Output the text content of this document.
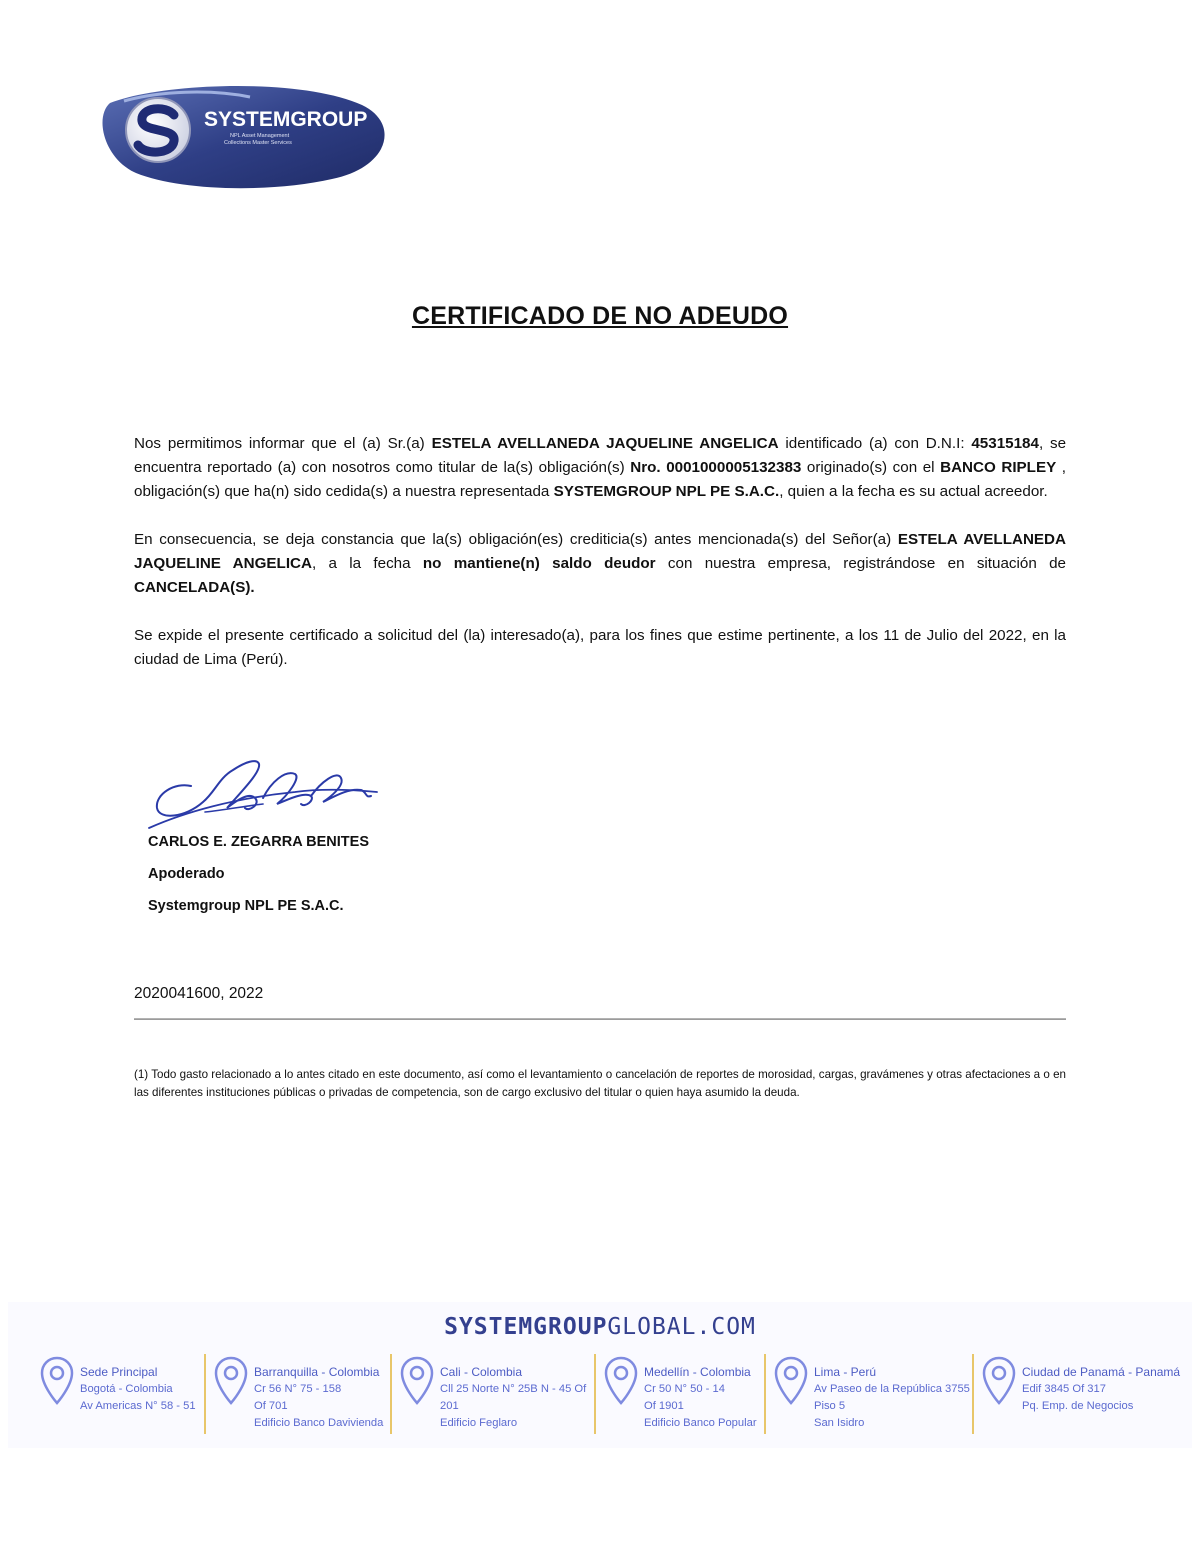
SYSTEMGROUP
NPL Asset Management
Collections Master Services
CERTIFICADO DE NO ADEUDO

Nos permitimos informar que el (a) Sr.(a) ESTELA AVELLANEDA JAQUELINE ANGELICA identificado (a) con D.N.I: 45315184, se encuentra reportado (a) con nosotros como titular de la(s) obligación(s) Nro. 0001000005132383 originado(s) con el BANCO RIPLEY , obligación(s) que ha(n) sido cedida(s) a nuestra representada SYSTEMGROUP NPL PE S.A.C., quien a la fecha es su actual acreedor.

En consecuencia, se deja constancia que la(s) obligación(es) crediticia(s) antes mencionada(s) del Señor(a) ESTELA AVELLANEDA JAQUELINE ANGELICA, a la fecha no mantiene(n) saldo deudor con nuestra empresa, registrándose en situación de CANCELADA(S).

Se expide el presente certificado a solicitud del (la) interesado(a), para los fines que estime pertinente, a los 11 de Julio del 2022, en la ciudad de Lima (Perú).

CARLOS E. ZEGARRA BENITES
Apoderado
Systemgroup NPL PE S.A.C.
2020041600, 2022
(1) Todo gasto relacionado a lo antes citado en este documento, así como el levantamiento o cancelación de reportes de morosidad, cargas, gravámenes y otras afectaciones a o en las diferentes instituciones públicas o privadas de competencia, son de cargo exclusivo del titular o quien haya asumido la deuda.
SYSTEMGROUPGLOBAL.COM
Sede Principal
Bogotá - Colombia
Av Americas N° 58 - 51
Barranquilla - Colombia
Cr 56 N° 75 - 158
Of 701
Edificio Banco Davivienda
Cali - Colombia
Cll 25 Norte N° 25B N - 45 Of
201
Edificio Feglaro
Medellín - Colombia
Cr 50 N° 50 - 14
Of 1901
Edificio Banco Popular
Lima - Perú
Av Paseo de la República 3755
Piso 5
San Isidro
Ciudad de Panamá - Panamá
Edif 3845 Of 317
Pq. Emp. de Negocios
